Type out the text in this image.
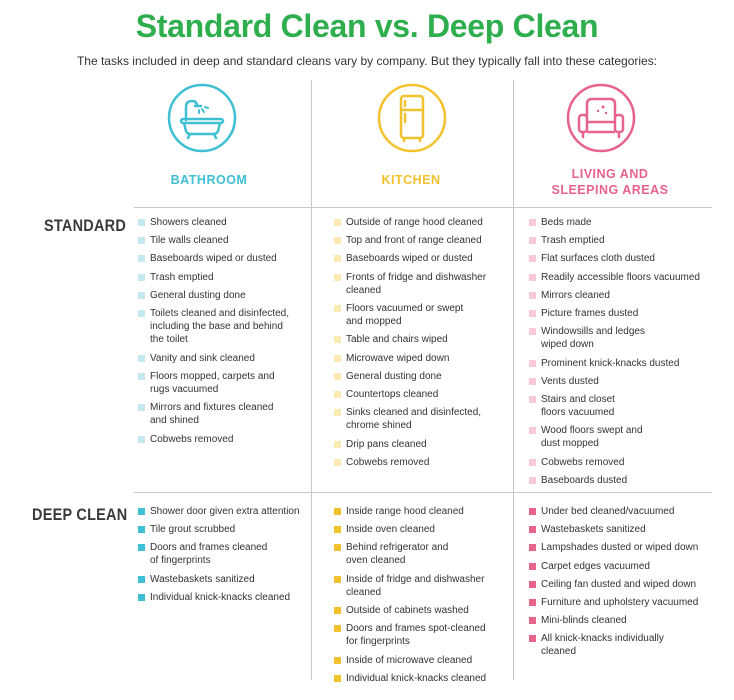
Standard Clean vs. Deep Clean
The tasks included in deep and standard cleans vary by company. But they typically fall into these categories:
BATHROOM	KITCHEN	LIVING AND
SLEEPING AREAS
STANDARD
DEEP CLEAN
Showers cleaned
Tile walls cleaned
Baseboards wiped or dusted
Trash emptied
General dusting done
Toilets cleaned and disinfected,
including the base and behind
the toilet
Vanity and sink cleaned
Floors mopped, carpets and
rugs vacuumed
Mirrors and fixtures cleaned
and shined
Cobwebs removed
Outside of range hood cleaned
Top and front of range cleaned
Baseboards wiped or dusted
Fronts of fridge and dishwasher
cleaned
Floors vacuumed or swept
and mopped
Table and chairs wiped
Microwave wiped down
General dusting done
Countertops cleaned
Sinks cleaned and disinfected,
chrome shined
Drip pans cleaned
Cobwebs removed
Beds made
Trash emptied
Flat surfaces cloth dusted
Readily accessible floors vacuumed
Mirrors cleaned
Picture frames dusted
Windowsills and ledges
wiped down
Prominent knick-knacks dusted
Vents dusted
Stairs and closet
floors vacuumed
Wood floors swept and
dust mopped
Cobwebs removed
Baseboards dusted
Shower door given extra attention
Tile grout scrubbed
Doors and frames cleaned
of fingerprints
Wastebaskets sanitized
Individual knick-knacks cleaned
Inside range hood cleaned
Inside oven cleaned
Behind refrigerator and
oven cleaned
Inside of fridge and dishwasher
cleaned
Outside of cabinets washed
Doors and frames spot-cleaned
for fingerprints
Inside of microwave cleaned
Individual knick-knacks cleaned
Under bed cleaned/vacuumed
Wastebaskets sanitized
Lampshades dusted or wiped down
Carpet edges vacuumed
Ceiling fan dusted and wiped down
Furniture and upholstery vacuumed
Mini-blinds cleaned
All knick-knacks individually
cleaned
